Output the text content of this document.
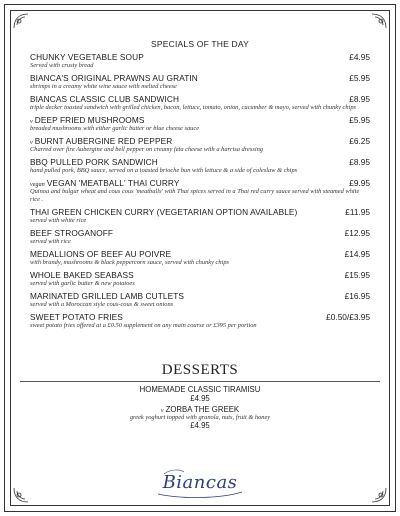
SPECIALS OF THE DAY
CHUNKY VEGETABLE SOUP	£4.95
Served with crusty bread
BIANCA'S ORIGINAL PRAWNS AU GRATIN	£5.95
shrimps in a creamy white wine sauce with melted cheese
BIANCAS CLASSIC CLUB SANDWICH	£8.95
triple decker toasted sandwich with grilled chicken, bacon, lettuce, tomato, onion, cucumber & mayo, served with chunky chips
v DEEP FRIED MUSHROOMS	£5.95
breaded mushrooms with either garlic butter or blue cheese sauce
v BURNT AUBERGINE RED PEPPER	£6.25
Charred over fire Aubergine and bell pepper on creamy feta cheese with a harrisa dressing
BBQ PULLED PORK SANDWICH	£8.95
hand pulled pork, BBQ sauce, served on a toasted brioche bun with lettuce & a side of coleslaw & chips
vegan VEGAN 'MEATBALL' THAI CURRY	£9.95
Quinoa and bulgur wheat and cous cous 'meatballs' with Thai spices served in a Thai red curry sauce served with steamed white rice .
THAI GREEN CHICKEN CURRY (VEGETARIAN OPTION AVAILABLE)	£11.95
served with white rice
BEEF STROGANOFF	£12.95
served with rice
MEDALLIONS OF BEEF AU POIVRE	£14.95
with brandy, mushrooms & black peppercorn sauce, served with chunky chips
WHOLE BAKED SEABASS	£15.95
served with garlic butter & new potatoes
MARINATED GRILLED LAMB CUTLETS	£16.95
served with a Moroccan style cous-cous & sweet onions
SWEET POTATO FRIES	£0.50/£3.95
sweet potato fries offered at a £0.50 supplement on any main course or £395 per portion
DESSERTS
HOMEMADE CLASSIC TIRAMISU
£4.95
v ZORBA THE GREEK
greek yoghurt topped with granola, nuts, fruit & honey
£4.95
Biancas
